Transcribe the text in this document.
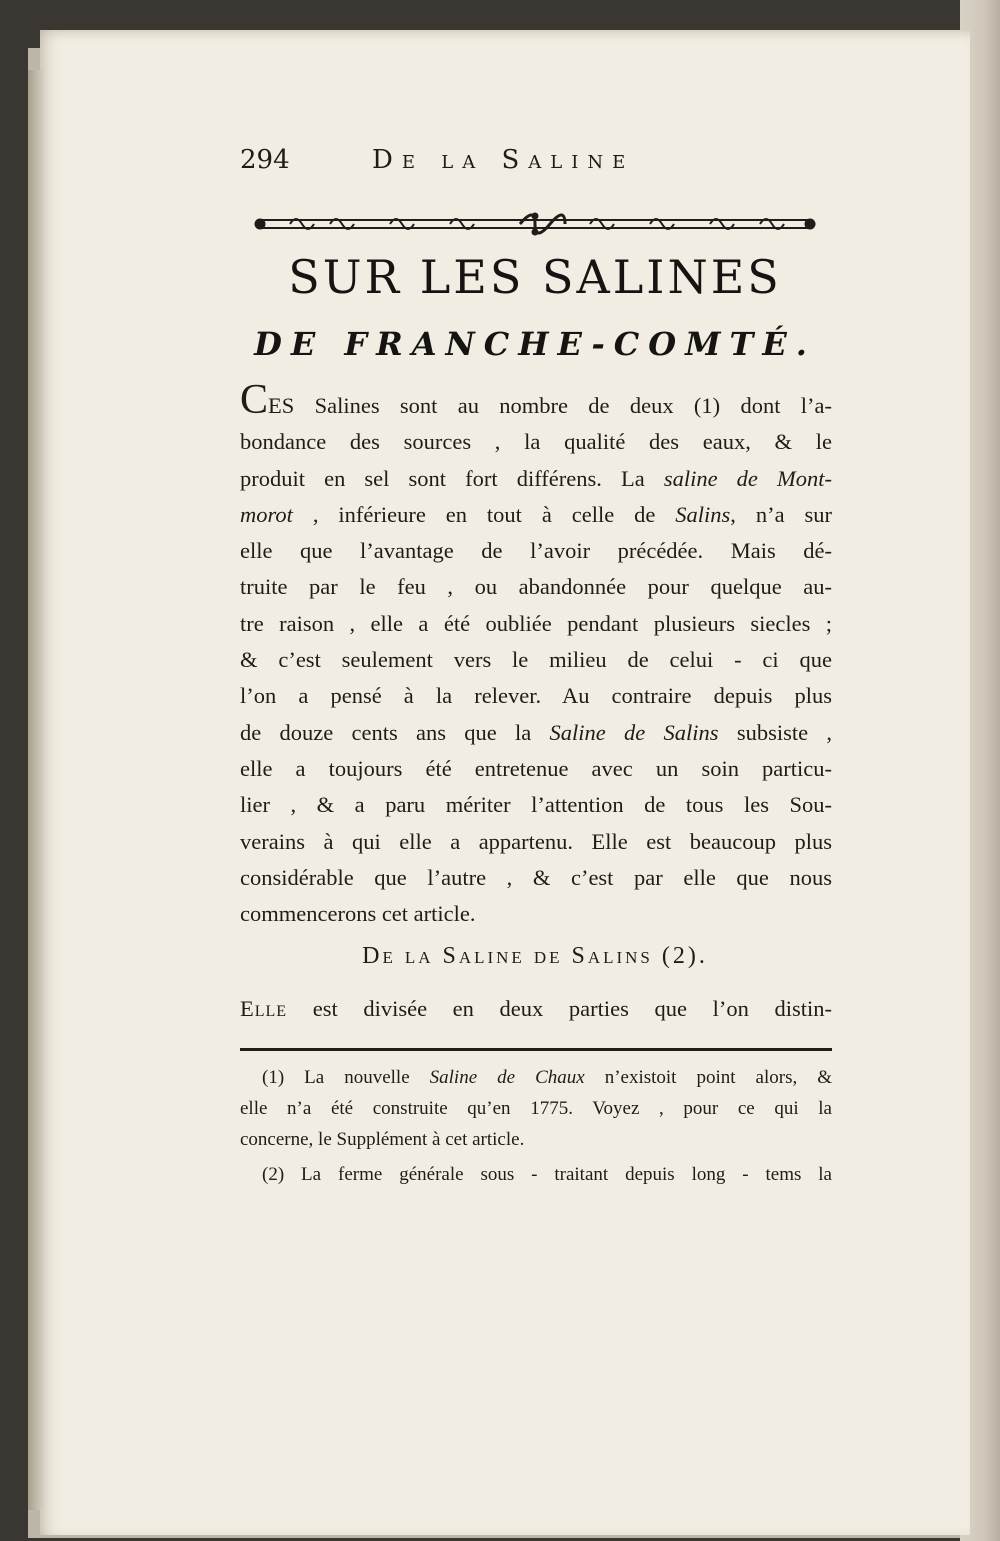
294	De la Saline
SUR LES SALINES
DE FRANCHE-COMTÉ.
CES Salines sont au nombre de deux (1) dont l’a-
bondance des sources , la qualité des eaux, & le
produit en sel sont fort différens. La saline de Mont-
morot , inférieure en tout à celle de Salins, n’a sur
elle que l’avantage de l’avoir précédée. Mais dé-
truite par le feu , ou abandonnée pour quelque au-
tre raison , elle a été oubliée pendant plusieurs siecles ;
& c’est seulement vers le milieu de celui - ci que
l’on a pensé à la relever. Au contraire depuis plus
de douze cents ans que la Saline de Salins subsiste ,
elle a toujours été entretenue avec un soin particu-
lier , & a paru mériter l’attention de tous les Sou-
verains à qui elle a appartenu. Elle est beaucoup plus
considérable que l’autre , & c’est par elle que nous
commencerons cet article.
De la Saline de Salins (2).
Elle est divisée en deux parties que l’on distin-
(1) La nouvelle Saline de Chaux n’existoit point alors, &
elle n’a été construite qu’en 1775. Voyez , pour ce qui la
concerne, le Supplément à cet article.
(2) La ferme générale sous - traitant depuis long - tems la
